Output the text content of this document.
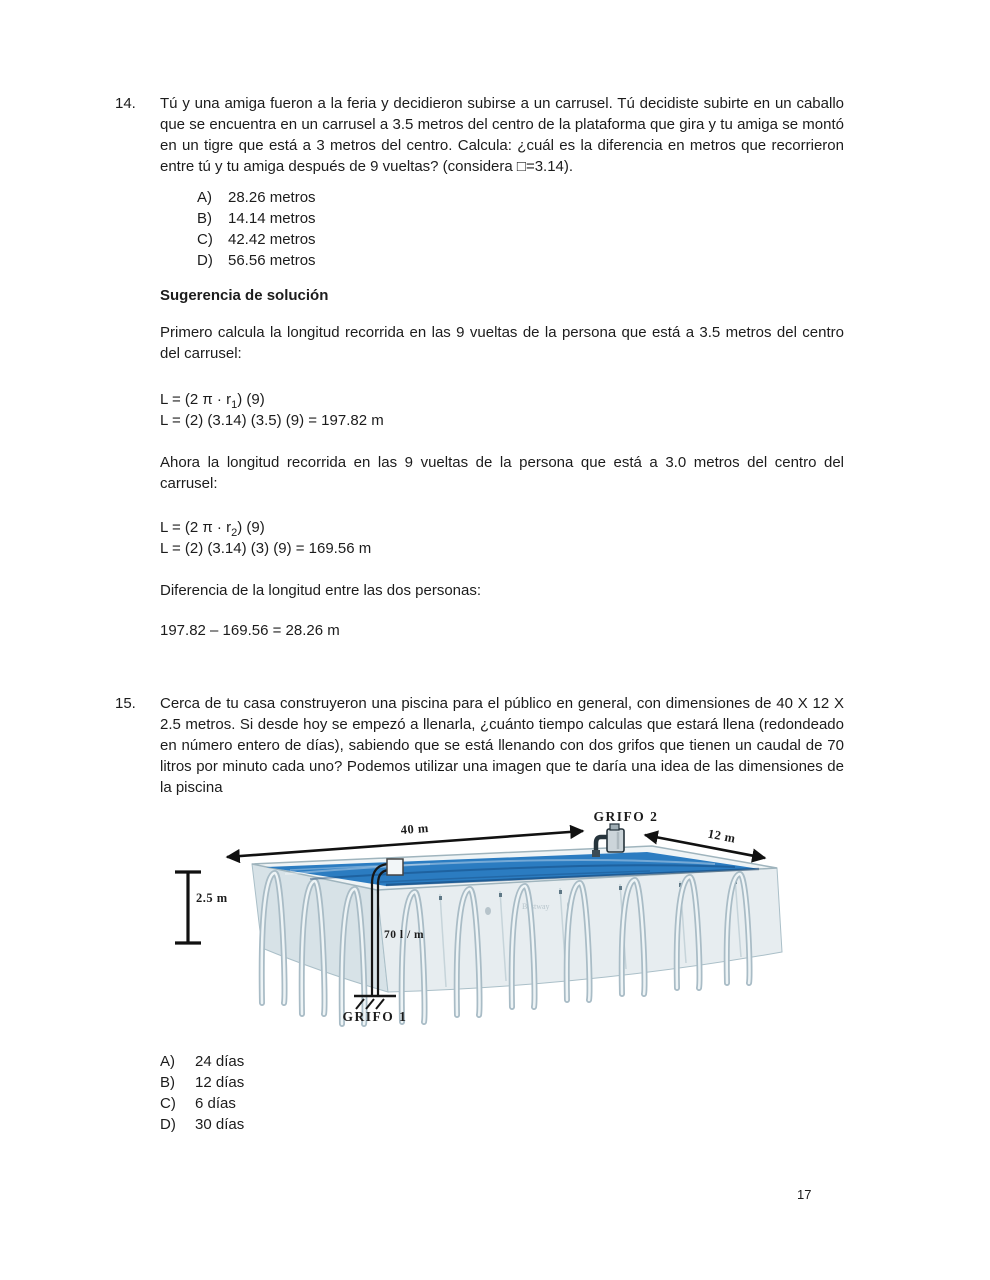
14. Tú y una amiga fueron a la feria y decidieron subirse a un carrusel. Tú decidiste subirte en un caballo que se encuentra en un carrusel a 3.5 metros del centro de la plataforma que gira y tu amiga se montó en un tigre que está a 3 metros del centro. Calcula: ¿cuál es la diferencia en metros que recorrieron entre tú y tu amiga después de 9 vueltas? (considera □=3.14).
A)	28.26 metros
B)	14.14 metros
C)	42.42 metros
D)	56.56 metros
Sugerencia de solución
Primero calcula la longitud recorrida en las 9 vueltas de la persona que está a 3.5 metros del centro del carrusel:
L = (2 $\pi \cdot r_1$) (9)
L = (2) (3.14) (3.5) (9) = 197.82 m
Ahora la longitud recorrida en las 9 vueltas de la persona que está a 3.0 metros del centro del carrusel:
L = (2 $\pi \cdot r_2$) (9)
L = (2) (3.14) (3) (9) = 169.56 m
Diferencia de la longitud entre las dos personas:
197.82 – 169.56 = 28.26 m
15. Cerca de tu casa construyeron una piscina para el público en general, con dimensiones de 40 X 12 X 2.5 metros. Si desde hoy se empezó a llenarla, ¿cuánto tiempo calculas que estará llena (redondeado en número entero de días), sabiendo que se está llenando con dos grifos que tienen un caudal de 70 litros por minuto cada uno? Podemos utilizar una imagen que te daría una idea de las dimensiones de la piscina
Bestway
40 m	12 m
2.5 m
70 l / m
GRIFO 2
GRIFO 1
A)	24 días
B)	12 días
C)	6 días
D)	30 días
17
